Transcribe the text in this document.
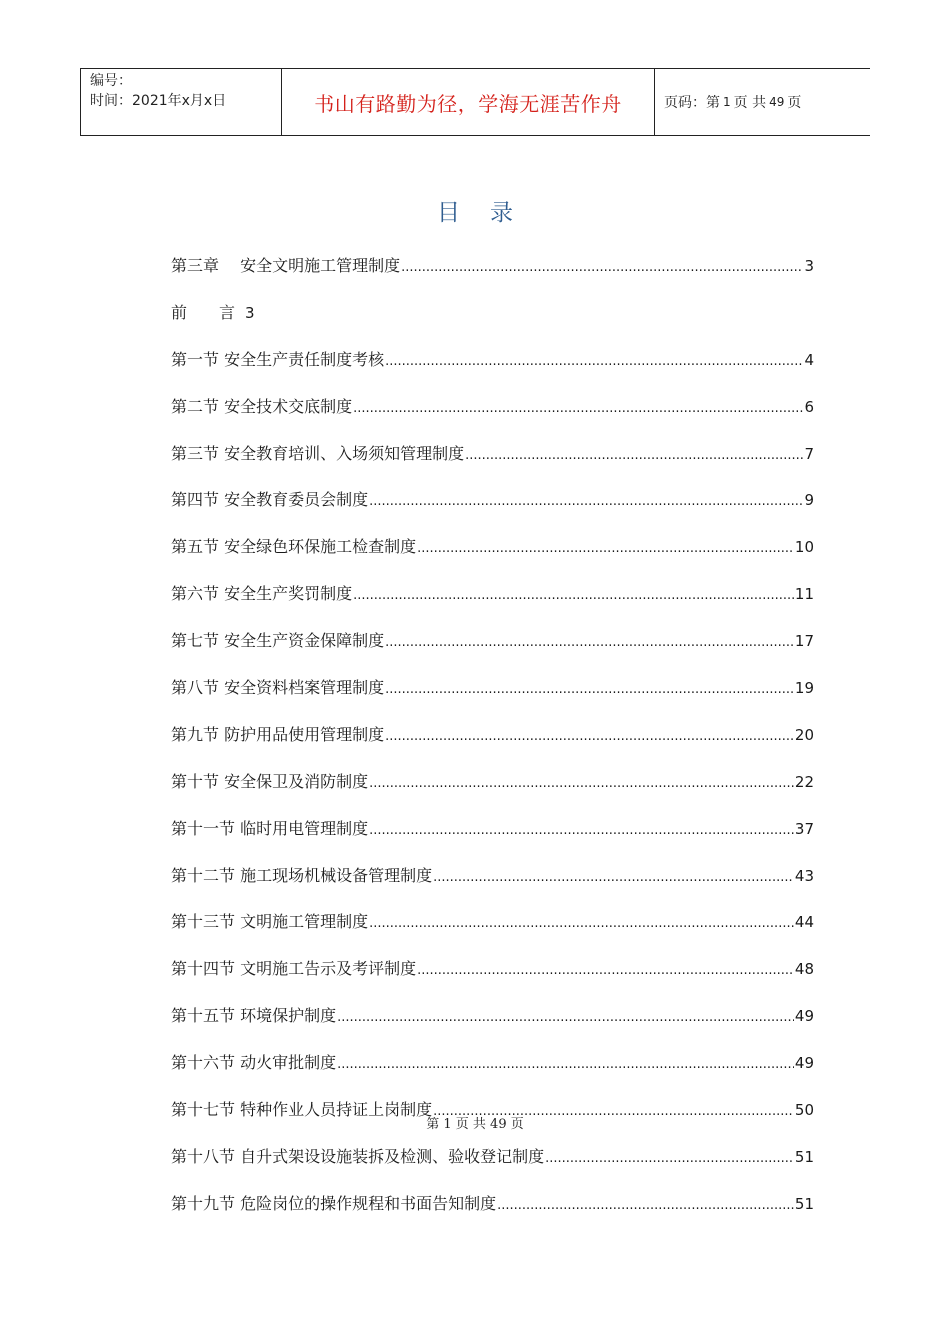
编号：
时间：2021年x月x日	书山有路勤为径，学海无涯苦作舟	页码：第 1 页 共 49 页
目录
第三章　 安全文明施工管理制度 .....	3
前　　言 3
第一节 安全生产责任制度考核 .....	4
第二节 安全技术交底制度 .....	6
第三节 安全教育培训、入场须知管理制度 .....	7
第四节 安全教育委员会制度 .....	9
第五节 安全绿色环保施工检查制度 .....	10
第六节 安全生产奖罚制度 .....	11
第七节 安全生产资金保障制度 .....	17
第八节 安全资料档案管理制度 .....	19
第九节 防护用品使用管理制度 .....	20
第十节 安全保卫及消防制度 .....	22
第十一节 临时用电管理制度 .....	37
第十二节 施工现场机械设备管理制度 .....	43
第十三节 文明施工管理制度 .....	44
第十四节 文明施工告示及考评制度 .....	48
第十五节 环境保护制度 .....	49
第十六节 动火审批制度 .....	49
第十七节 特种作业人员持证上岗制度 .....	50
第十八节 自升式架设设施装拆及检测、验收登记制度 .....	51
第十九节 危险岗位的操作规程和书面告知制度 .....	51
第 1 页 共 49 页
